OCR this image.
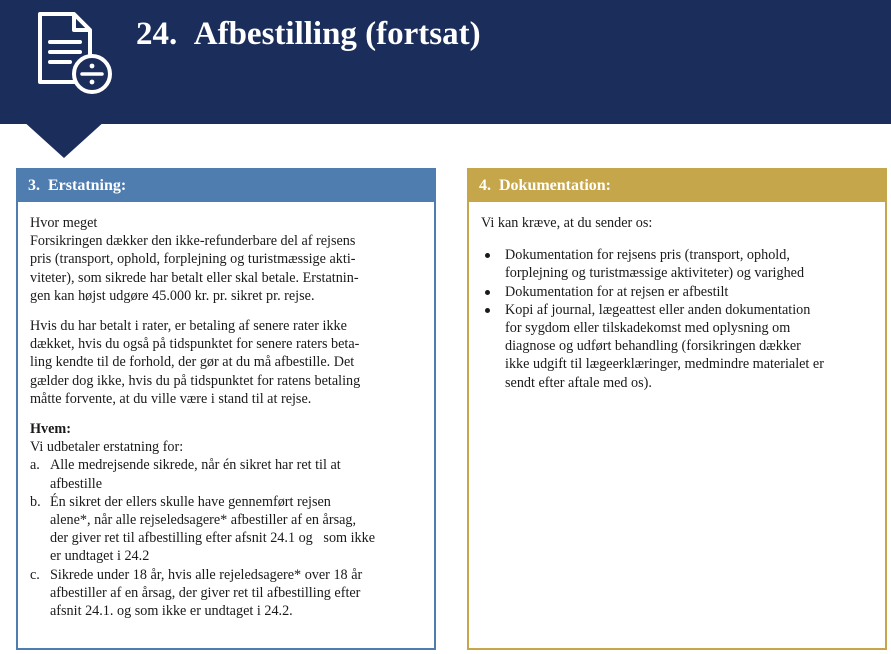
24. Afbestilling (fortsat)
3. Erstatning:

Hvor meget
Forsikringen dækker den ikke-refunderbare del af rejsens
pris (transport, ophold, forplejning og turistmæssige akti-
viteter), som sikrede har betalt eller skal betale. Erstatnin-
gen kan højst udgøre 45.000 kr. pr. sikret pr. rejse.

Hvis du har betalt i rater, er betaling af senere rater ikke
dækket, hvis du også på tidspunktet for senere raters beta-
ling kendte til de forhold, der gør at du må afbestille. Det
gælder dog ikke, hvis du på tidspunktet for ratens betaling
måtte forvente, at du ville være i stand til at rejse.

Hvem:

Vi udbetaler erstatning for:

a. Alle medrejsende sikrede, når én sikret har ret til at
afbestille
b. Én sikret der ellers skulle have gennemført rejsen
alene*, når alle rejseledsagere* afbestiller af en årsag,
der giver ret til afbestilling efter afsnit 24.1 og  som ikke
er undtaget i 24.2
c. Sikrede under 18 år, hvis alle rejeledsagere* over 18 år
afbestiller af en årsag, der giver ret til afbestilling efter
afsnit 24.1. og som ikke er undtaget i 24.2.
4. Dokumentation:

Vi kan kræve, at du sender os:

Dokumentation for rejsens pris (transport, ophold,
forplejning og turistmæssige aktiviteter) og varighed
Dokumentation for at rejsen er afbestilt
Kopi af journal, lægeattest eller anden dokumentation
for sygdom eller tilskadekomst med oplysning om
diagnose og udført behandling (forsikringen dækker
ikke udgift til lægeerklæringer, medmindre materialet er
sendt efter aftale med os).
